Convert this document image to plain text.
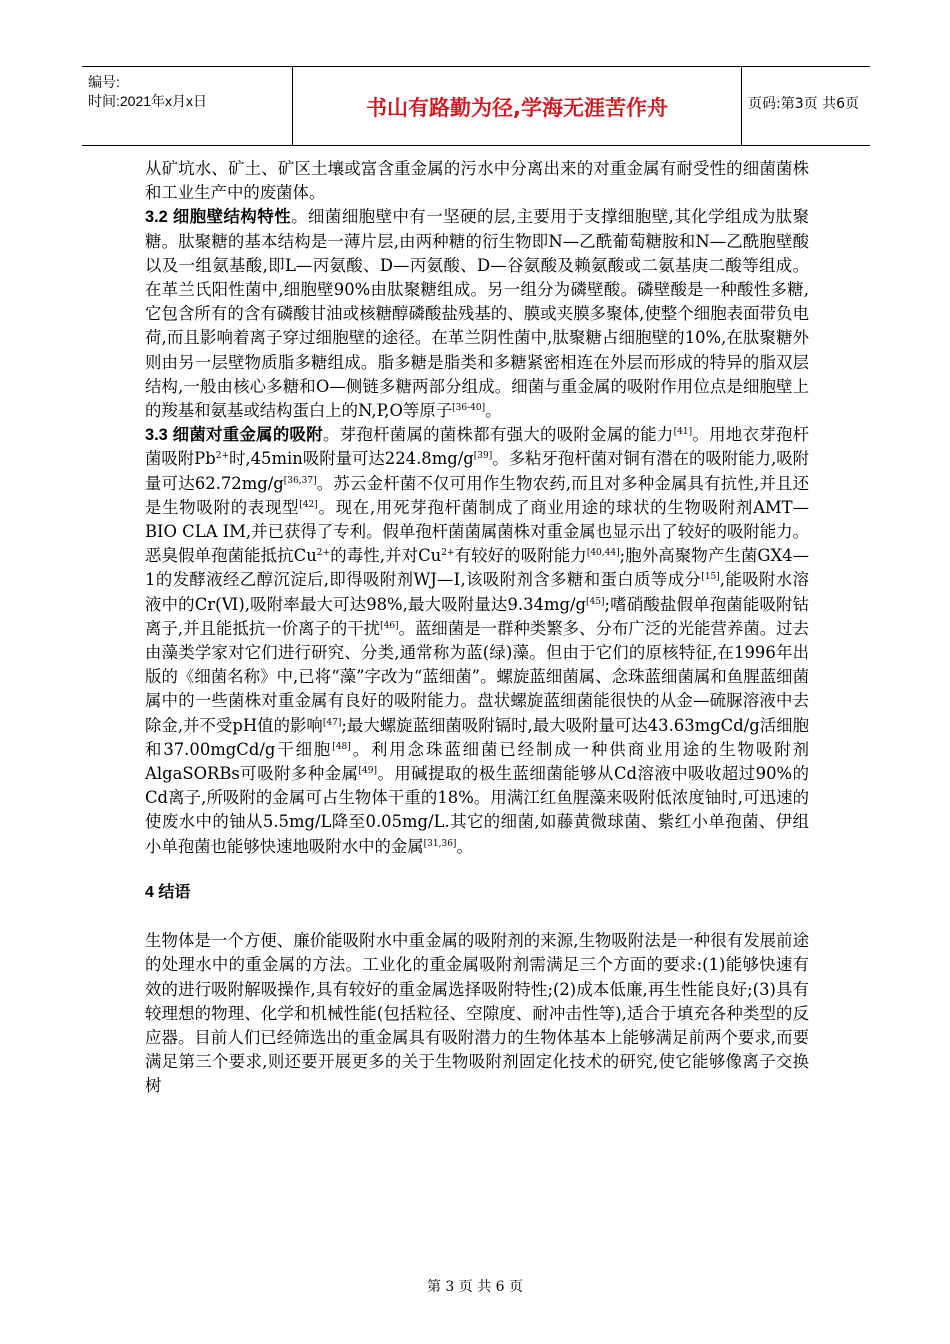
编号:
时间:2021年x月x日	书山有路勤为径,学海无涯苦作舟	页码:第3页 共6页

从矿坑水、矿土、矿区土壤或富含重金属的污水中分离出来的对重金属有耐受性的细菌菌株和工业生产中的废菌体。

3.2 细胞壁结构特性。细菌细胞壁中有一坚硬的层,主要用于支撑细胞壁,其化学组成为肽聚糖。肽聚糖的基本结构是一薄片层,由两种糖的衍生物即N—乙酰葡萄糖胺和N—乙酰胞壁酸以及一组氨基酸,即L—丙氨酸、D—丙氨酸、D—谷氨酸及赖氨酸或二氨基庚二酸等组成。在革兰氏阳性菌中,细胞壁90%由肽聚糖组成。另一组分为磷壁酸。磷壁酸是一种酸性多糖,它包含所有的含有磷酸甘油或核糖醇磷酸盐残基的、膜或夹膜多聚体,使整个细胞表面带负电荷,而且影响着离子穿过细胞壁的途径。在革兰阴性菌中,肽聚糖占细胞壁的10%,在肽聚糖外则由另一层壁物质脂多糖组成。脂多糖是脂类和多糖紧密相连在外层而形成的特异的脂双层结构,一般由核心多糖和O—侧链多糖两部分组成。细菌与重金属的吸附作用位点是细胞壁上的羧基和氨基或结构蛋白上的N,P,O等原子[36-40]。

3.3 细菌对重金属的吸附。芽孢杆菌属的菌株都有强大的吸附金属的能力[41]。用地衣芽孢杆菌吸附$Pb^{2+}$时,45min吸附量可达224.8mg/g[39]。多粘牙孢杆菌对铜有潜在的吸附能力,吸附量可达62.72mg/g[36,37]。苏云金杆菌不仅可用作生物农药,而且对多种金属具有抗性,并且还是生物吸附的表现型[42]。现在,用死芽孢杆菌制成了商业用途的球状的生物吸附剂AMT—BIO CLA IM,并已获得了专利。假单孢杆菌菌属菌株对重金属也显示出了较好的吸附能力。恶臭假单孢菌能抵抗$Cu^{2+}$的毒性,并对$Cu^{2+}$有较好的吸附能力[40,44];胞外高聚物产生菌GX4—1的发酵液经乙醇沉淀后,即得吸附剂WJ—Ⅰ,该吸附剂含多糖和蛋白质等成分[15],能吸附水溶液中的Cr(Ⅵ),吸附率最大可达98%,最大吸附量达9.34mg/g[45];嗜硝酸盐假单孢菌能吸附钴离子,并且能抵抗一价离子的干扰[46]。蓝细菌是一群种类繁多、分布广泛的光能营养菌。过去由藻类学家对它们进行研究、分类,通常称为蓝(绿)藻。但由于它们的原核特征,在1996年出版的《细菌名称》中,已将“藻”字改为“蓝细菌”。螺旋蓝细菌属、念珠蓝细菌属和鱼腥蓝细菌属中的一些菌株对重金属有良好的吸附能力。盘状螺旋蓝细菌能很快的从金—硫脲溶液中去除金,并不受pH值的影响[47];最大螺旋蓝细菌吸附镉时,最大吸附量可达43.63mgCd/g活细胞和37.00mgCd/g干细胞[48]。利用念珠蓝细菌已经制成一种供商业用途的生物吸附剂AlgaSORBs可吸附多种金属[49]。用碱提取的极生蓝细菌能够从Cd溶液中吸收超过90%的Cd离子,所吸附的金属可占生物体干重的18%。用满江红鱼腥藻来吸附低浓度铀时,可迅速的使废水中的铀从5.5mg/L降至0.05mg/L.其它的细菌,如藤黄微球菌、紫红小单孢菌、伊组小单孢菌也能够快速地吸附水中的金属[31,36]。

4 结语

生物体是一个方便、廉价能吸附水中重金属的吸附剂的来源,生物吸附法是一种很有发展前途的处理水中的重金属的方法。工业化的重金属吸附剂需满足三个方面的要求:(1)能够快速有效的进行吸附解吸操作,具有较好的重金属选择吸附特性;(2)成本低廉,再生性能良好;(3)具有较理想的物理、化学和机械性能(包括粒径、空隙度、耐冲击性等),适合于填充各种类型的反应器。目前人们已经筛选出的重金属具有吸附潜力的生物体基本上能够满足前两个要求,而要满足第三个要求,则还要开展更多的关于生物吸附剂固定化技术的研究,使它能够像离子交换树

第 3 页 共 6 页
